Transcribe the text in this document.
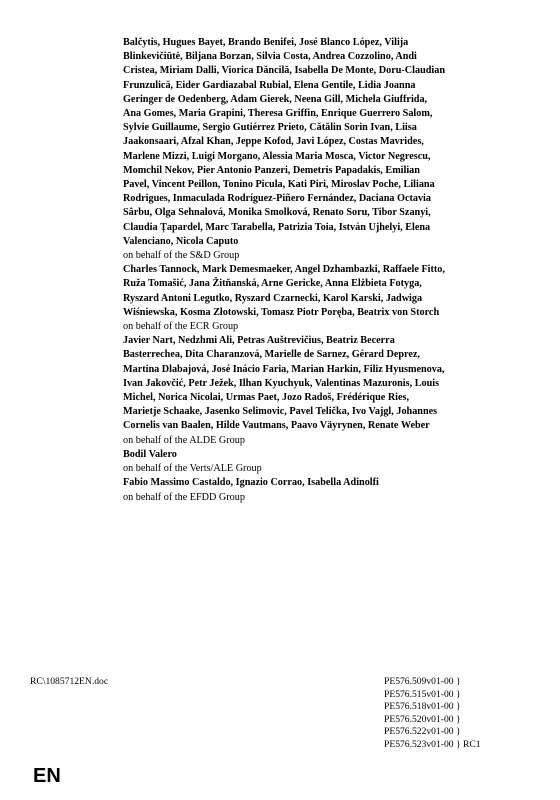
Balčytis, Hugues Bayet, Brando Benifei, José Blanco López, Vilija
Blinkevičiūtė, Biljana Borzan, Silvia Costa, Andrea Cozzolino, Andi
Cristea, Miriam Dalli, Viorica Dăncilă, Isabella De Monte, Doru-Claudian
Frunzulică, Eider Gardiazabal Rubial, Elena Gentile, Lidia Joanna
Geringer de Oedenberg, Adam Gierek, Neena Gill, Michela Giuffrida,
Ana Gomes, Maria Grapini, Theresa Griffin, Enrique Guerrero Salom,
Sylvie Guillaume, Sergio Gutiérrez Prieto, Cătălin Sorin Ivan, Liisa
Jaakonsaari, Afzal Khan, Jeppe Kofod, Javi López, Costas Mavrides,
Marlene Mizzi, Luigi Morgano, Alessia Maria Mosca, Victor Negrescu,
Momchil Nekov, Pier Antonio Panzeri, Demetris Papadakis, Emilian
Pavel, Vincent Peillon, Tonino Picula, Kati Piri, Miroslav Poche, Liliana
Rodrigues, Inmaculada Rodríguez-Piñero Fernández, Daciana Octavia
Sârbu, Olga Sehnalová, Monika Smolková, Renato Soru, Tibor Szanyi,
Claudia Țapardel, Marc Tarabella, Patrizia Toia, István Ujhelyi, Elena
Valenciano, Nicola Caputo
on behalf of the S&D Group
Charles Tannock, Mark Demesmaeker, Angel Dzhambazki, Raffaele Fitto,
Ruža Tomašić, Jana Žitňanská, Arne Gericke, Anna Elżbieta Fotyga,
Ryszard Antoni Legutko, Ryszard Czarnecki, Karol Karski, Jadwiga
Wiśniewska, Kosma Złotowski, Tomasz Piotr Poręba, Beatrix von Storch
on behalf of the ECR Group
Javier Nart, Nedzhmi Ali, Petras Auštrevičius, Beatriz Becerra
Basterrechea, Dita Charanzová, Marielle de Sarnez, Gérard Deprez,
Martina Dlabajová, José Inácio Faria, Marian Harkin, Filiz Hyusmenova,
Ivan Jakovčić, Petr Ježek, Ilhan Kyuchyuk, Valentinas Mazuronis, Louis
Michel, Norica Nicolai, Urmas Paet, Jozo Radoš, Frédérique Ries,
Marietje Schaake, Jasenko Selimovic, Pavel Telička, Ivo Vajgl, Johannes
Cornelis van Baalen, Hilde Vautmans, Paavo Väyrynen, Renate Weber
on behalf of the ALDE Group
Bodil Valero
on behalf of the Verts/ALE Group
Fabio Massimo Castaldo, Ignazio Corrao, Isabella Adinolfi
on behalf of the EFDD Group
RC\1085712EN.doc	PE576.509v01-00 }
PE576.515v01-00 }
PE576.518v01-00 }
PE576.520v01-00 }
PE576.522v01-00 }
PE576.523v01-00 } RC1
EN
